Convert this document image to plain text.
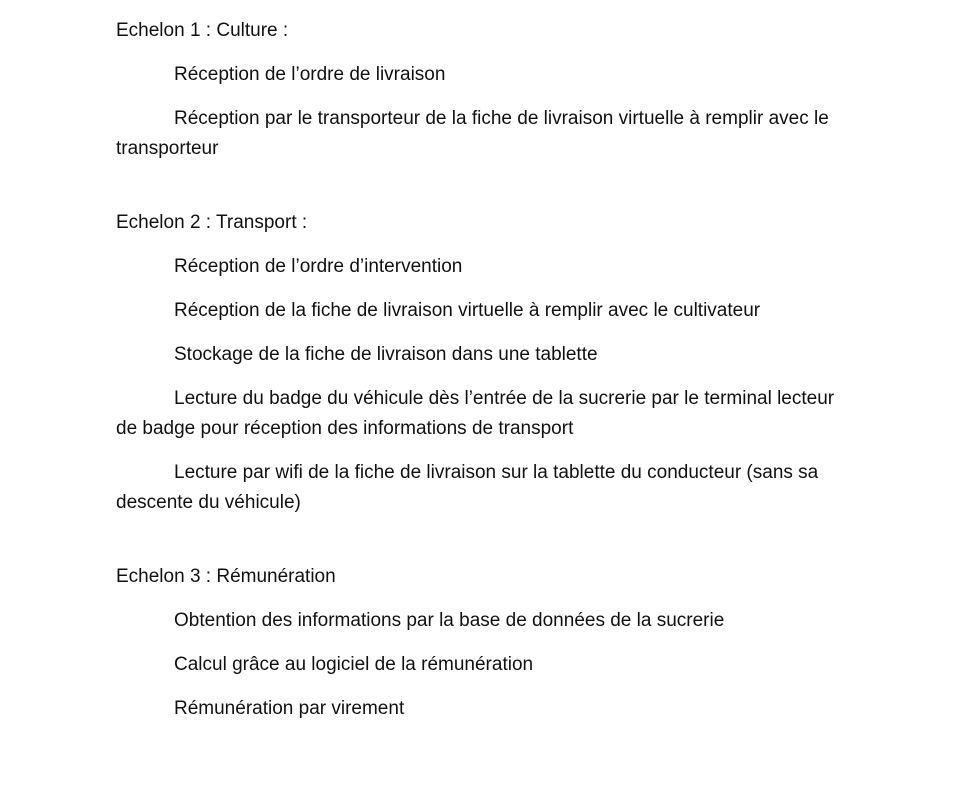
Echelon 1 : Culture :

Réception de l’ordre de livraison

Réception par le transporteur de la fiche de livraison virtuelle à remplir avec le transporteur

Echelon 2 : Transport :

Réception de l’ordre d’intervention

Réception de la fiche de livraison virtuelle à remplir avec le cultivateur

Stockage de la fiche de livraison dans une tablette

Lecture du badge du véhicule dès l’entrée de la sucrerie par le terminal lecteur de badge pour réception des informations de transport

Lecture par wifi de la fiche de livraison sur la tablette du conducteur (sans sa descente du véhicule)

Echelon 3 : Rémunération

Obtention des informations par la base de données de la sucrerie

Calcul grâce au logiciel de la rémunération

Rémunération par virement
